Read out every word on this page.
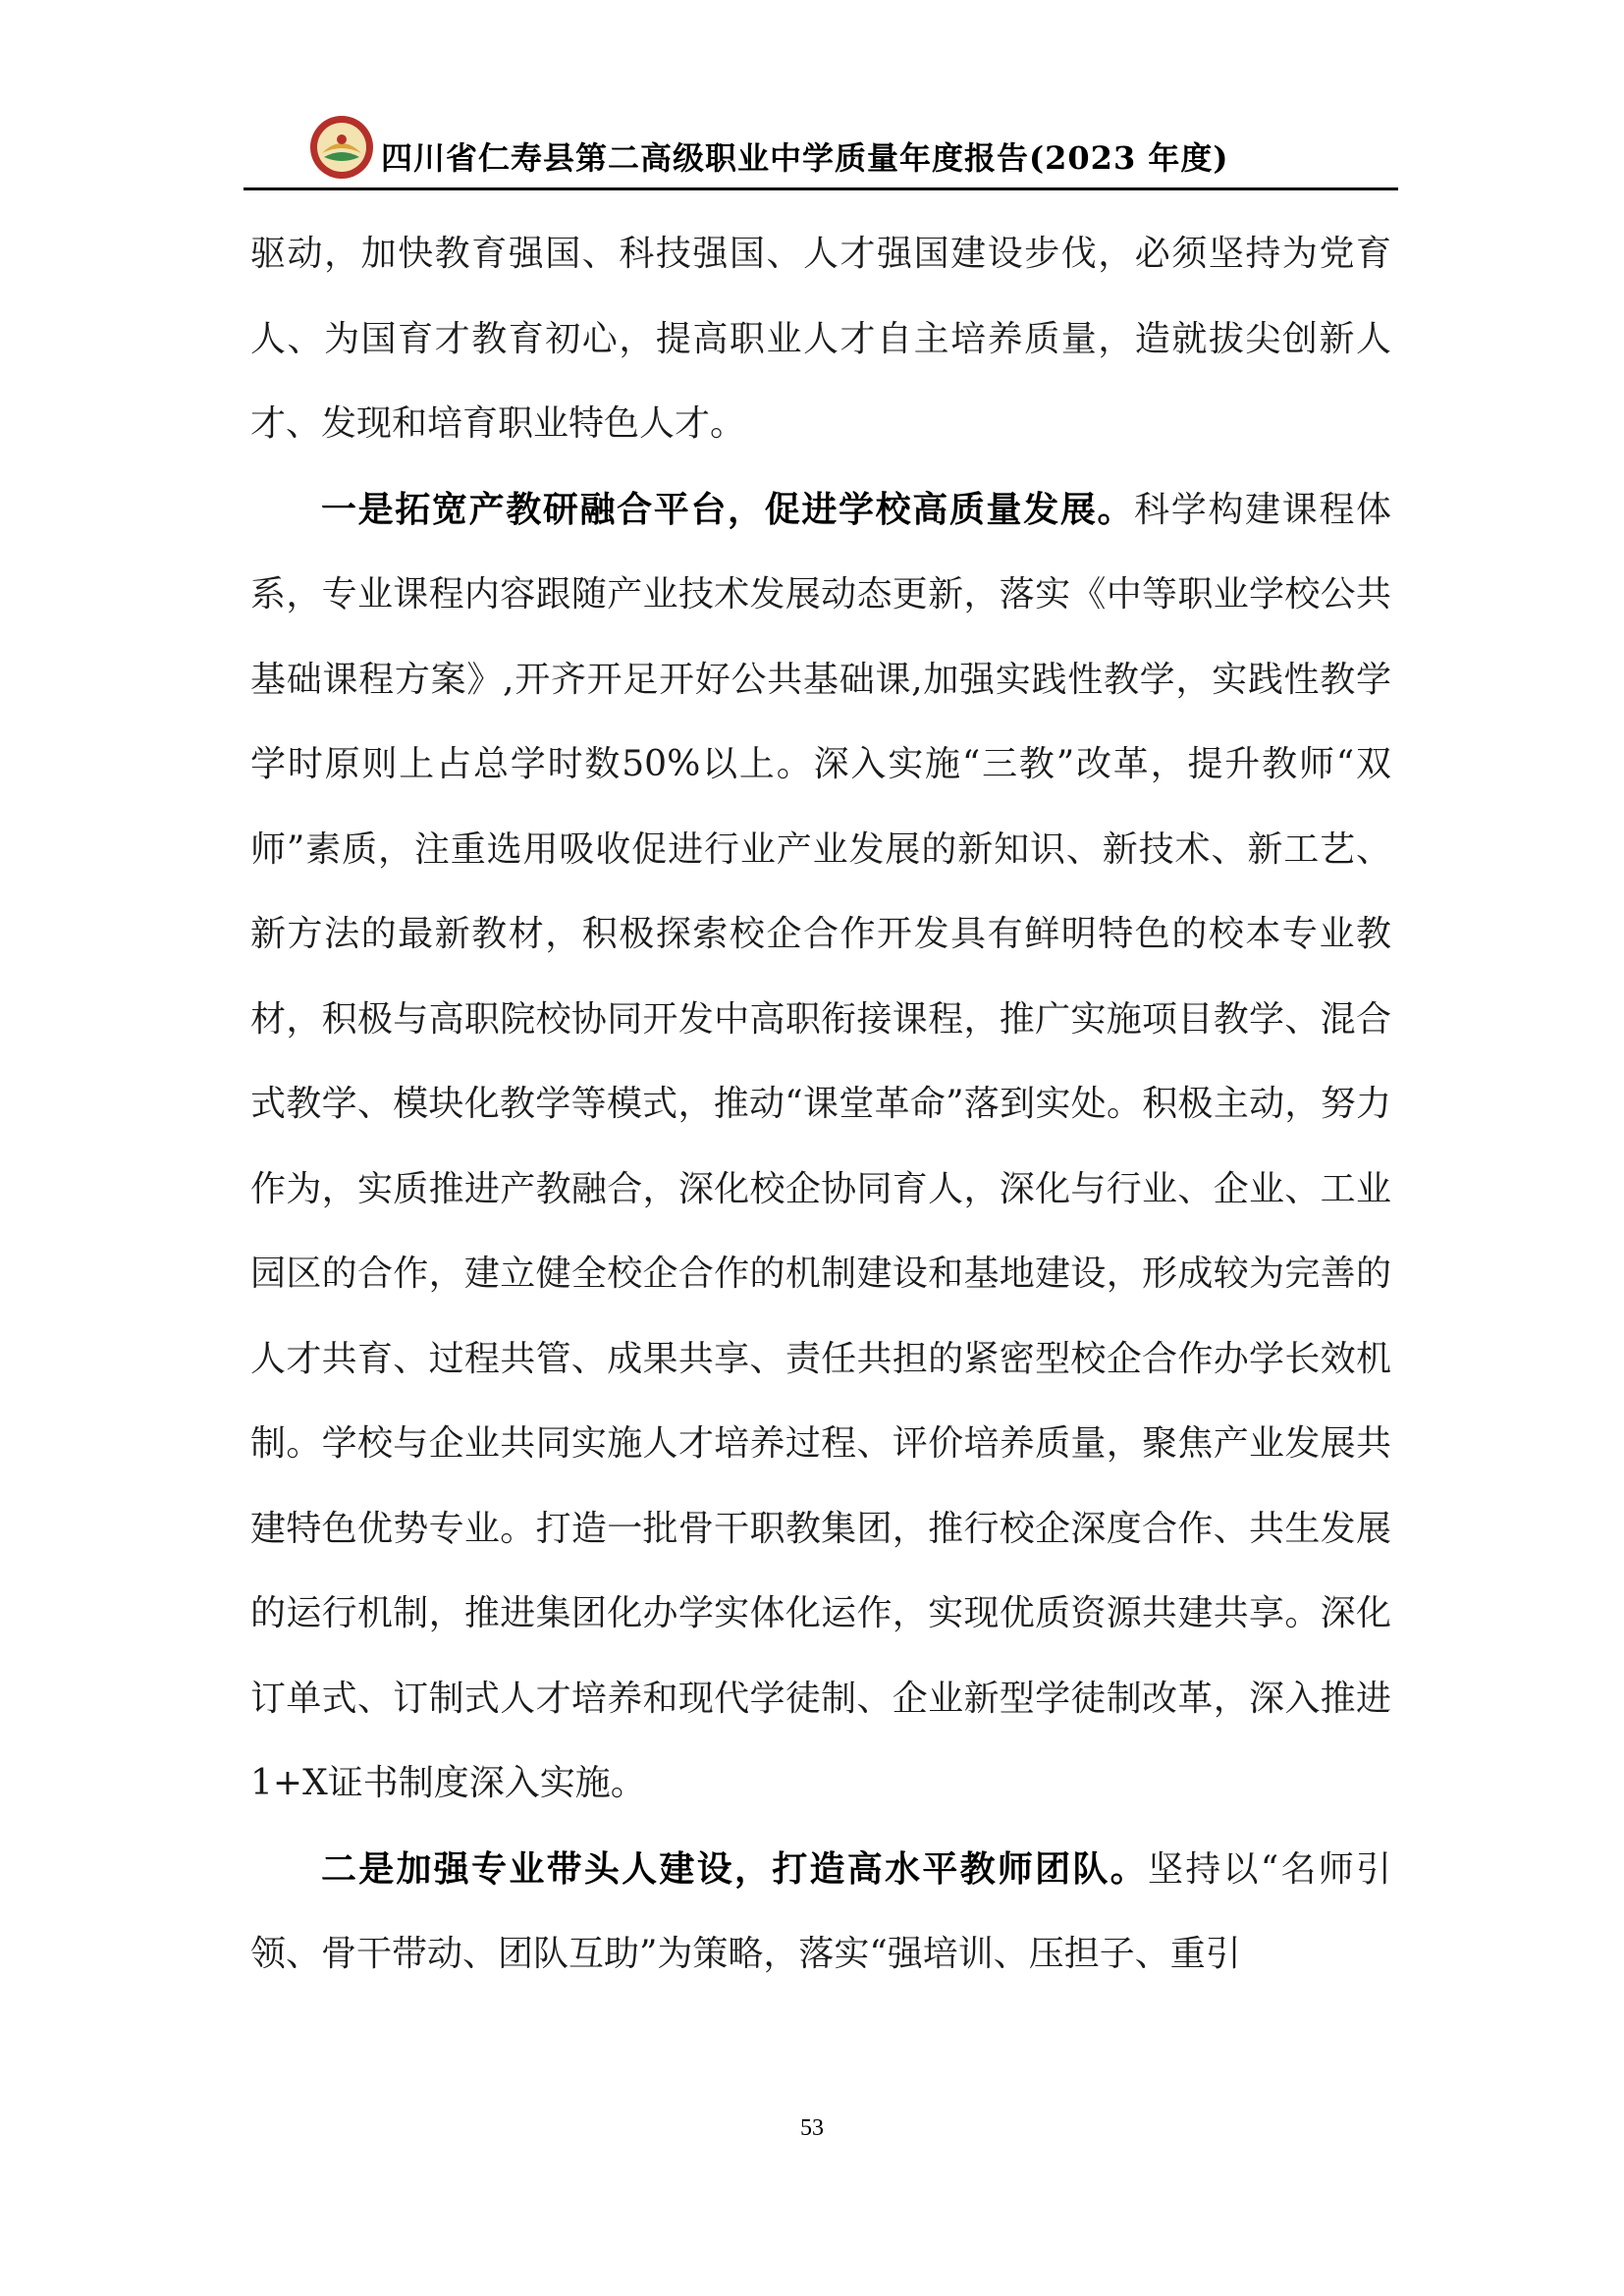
四川省仁寿县第二高级职业中学质量年度报告(2023 年度)

驱动，加快教育强国、科技强国、人才强国建设步伐，必须坚持为党育人、为国育才教育初心，提高职业人才自主培养质量，造就拔尖创新人才、发现和培育职业特色人才。

一是拓宽产教研融合平台，促进学校高质量发展。科学构建课程体系，专业课程内容跟随产业技术发展动态更新，落实《中等职业学校公共基础课程方案》,开齐开足开好公共基础课,加强实践性教学，实践性教学学时原则上占总学时数50%以上。深入实施“三教”改革，提升教师“双师”素质，注重选用吸收促进行业产业发展的新知识、新技术、新工艺、新方法的最新教材，积极探索校企合作开发具有鲜明特色的校本专业教材，积极与高职院校协同开发中高职衔接课程，推广实施项目教学、混合式教学、模块化教学等模式，推动“课堂革命”落到实处。积极主动，努力作为，实质推进产教融合，深化校企协同育人，深化与行业、企业、工业园区的合作，建立健全校企合作的机制建设和基地建设，形成较为完善的人才共育、过程共管、成果共享、责任共担的紧密型校企合作办学长效机制。学校与企业共同实施人才培养过程、评价培养质量，聚焦产业发展共建特色优势专业。打造一批骨干职教集团，推行校企深度合作、共生发展的运行机制，推进集团化办学实体化运作，实现优质资源共建共享。深化订单式、订制式人才培养和现代学徒制、企业新型学徒制改革，深入推进 1+X证书制度深入实施。

二是加强专业带头人建设，打造高水平教师团队。坚持以“名师引领、骨干带动、团队互助”为策略，落实“强培训、压担子、重引

53
